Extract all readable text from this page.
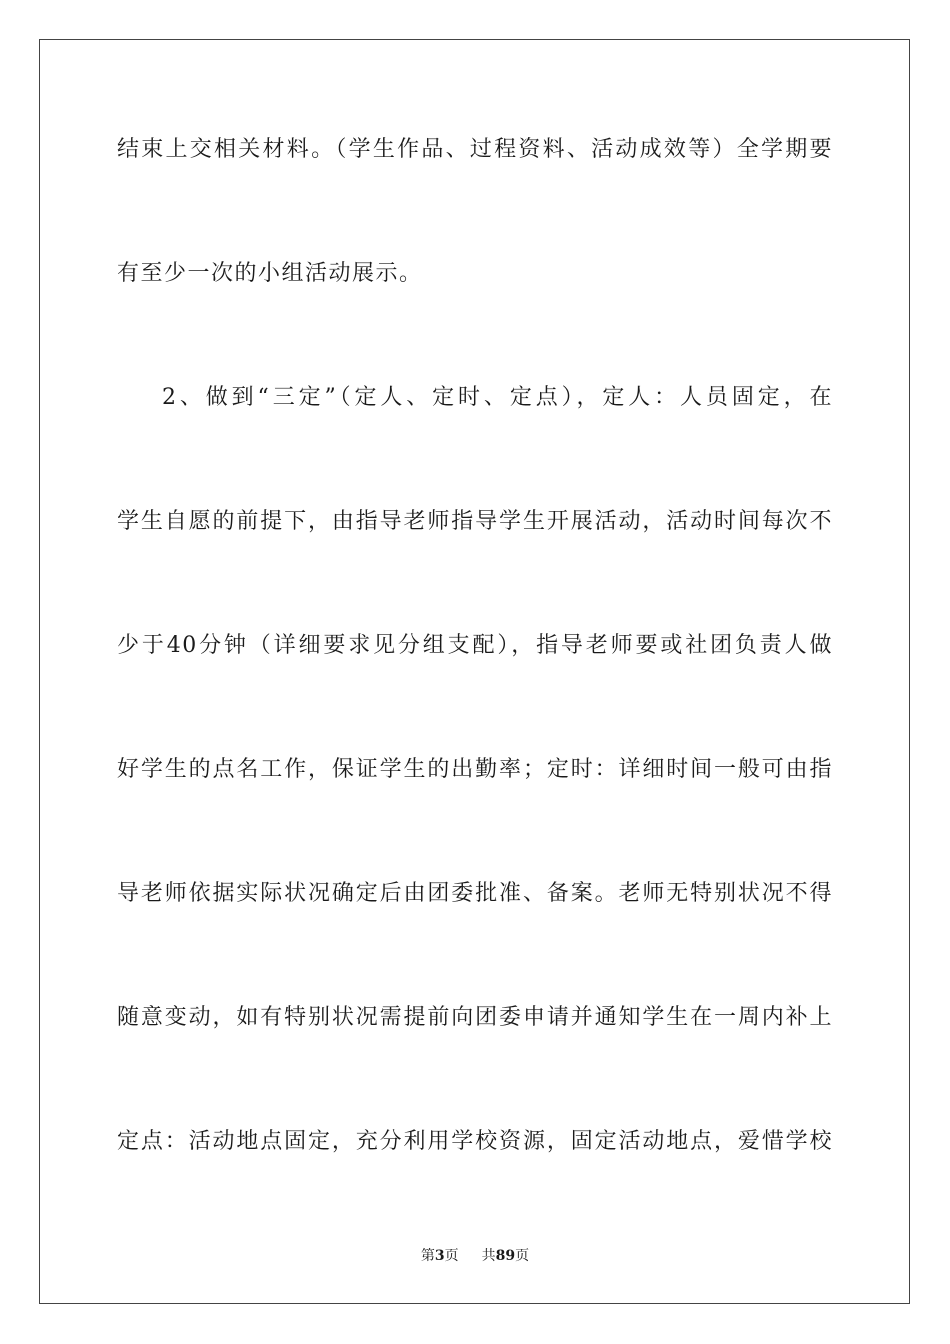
结束上交相关材料。（学生作品、过程资料、活动成效等）全学期要
有至少一次的小组活动展示。
2、做到“三定”（定人、定时、定点），定人：人员固定，在
学生自愿的前提下，由指导老师指导学生开展活动，活动时间每次不
少于40分钟（详细要求见分组支配），指导老师要或社团负责人做
好学生的点名工作，保证学生的出勤率；定时：详细时间一般可由指
导老师依据实际状况确定后由团委批准、备案。老师无特别状况不得
随意变动，如有特别状况需提前向团委申请并通知学生在一周内补上
定点：活动地点固定，充分利用学校资源，固定活动地点，爱惜学校
第3页 共89页
